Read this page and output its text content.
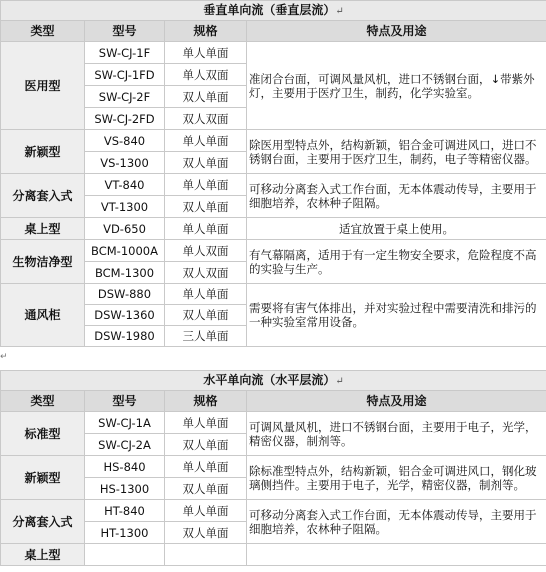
垂直单向流（垂直层流）↵			
类型	型号	规格	特点及用途
医用型	SW-CJ-1F	单人单面	准闭合台面，可调风量风机，进口不锈钢台面，↓带紫外灯，主要用于医疗卫生，制药，化学实验室。
	SW-CJ-1FD	单人双面	
	SW-CJ-2F	双人单面	
	SW-CJ-2FD	双人双面	
新颖型	VS-840	单人单面	除医用型特点外，结构新颖，铝合金可调进风口，进口不锈钢台面，主要用于医疗卫生，制药，电子等精密仪器。
	VS-1300	双人单面	
分离套入式	VT-840	单人单面	可移动分离套入式工作台面，无本体震动传导，主要用于细胞培养，农林种子阻隔。
	VT-1300	双人单面	
桌上型	VD-650	单人单面	适宜放置于桌上使用。
生物洁净型	BCM-1000A	单人双面	有气幕隔离，适用于有一定生物安全要求，危险程度不高的实验与生产。
	BCM-1300	双人双面	
通风柜	DSW-880	单人单面	需要将有害气体排出，并对实验过程中需要清洗和排污的一种实验室常用设备。
	DSW-1360	双人单面	
	DSW-1980	三人单面	
↵
水平单向流（水平层流）↵			
类型	型号	规格	特点及用途
标准型	SW-CJ-1A	单人单面	可调风量风机，进口不锈钢台面，主要用于电子，光学，精密仪器，制剂等。
	SW-CJ-2A	双人单面	
新颖型	HS-840	单人单面	除标准型特点外，结构新颖，铝合金可调进风口，钢化玻璃侧挡件。主要用于电子，光学，精密仪器，制剂等。
	HS-1300	双人单面	
分离套入式	HT-840	单人单面	可移动分离套入式工作台面，无本体震动传导，主要用于细胞培养，农林种子阻隔。
	HT-1300	双人单面	
桌上型			
